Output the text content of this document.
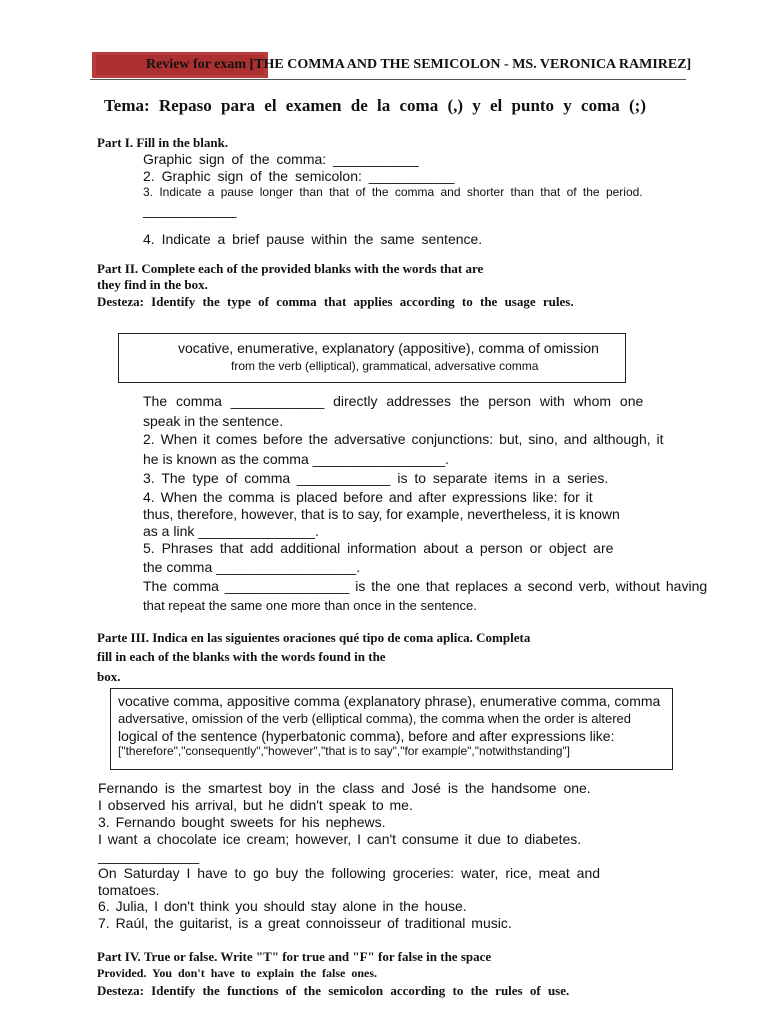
Review for exam [THE COMMA AND THE SEMICOLON - MS. VERONICA RAMIREZ]
Tema: Repaso para el examen de la coma (,) y el punto y coma (;)
Part I. Fill in the blank.
Graphic sign of the comma: ___________
2. Graphic sign of the semicolon: ___________
3. Indicate a pause longer than that of the comma and shorter than that of the period.
____________
4. Indicate a brief pause within the same sentence.
Part II. Complete each of the provided blanks with the words that are
they find in the box.
Desteza: Identify the type of comma that applies according to the usage rules.
vocative, enumerative, explanatory (appositive), comma of omission
from the verb (elliptical), grammatical, adversative comma
The comma ____________ directly addresses the person with whom one
speak in the sentence.
2. When it comes before the adversative conjunctions: but, sino, and although, it
he is known as the comma _________________.
3. The type of comma ____________ is to separate items in a series.
4. When the comma is placed before and after expressions like: for it
thus, therefore, however, that is to say, for example, nevertheless, it is known
as a link _______________.
5. Phrases that add additional information about a person or object are
the comma __________________.
The comma ________________ is the one that replaces a second verb, without having
that repeat the same one more than once in the sentence.
Parte III. Indica en las siguientes oraciones qué tipo de coma aplica. Completa
fill in each of the blanks with the words found in the
box.
vocative comma, appositive comma (explanatory phrase), enumerative comma, comma
adversative, omission of the verb (elliptical comma), the comma when the order is altered
logical of the sentence (hyperbatonic comma), before and after expressions like:
["therefore","consequently","however","that is to say","for example","notwithstanding"]
Fernando is the smartest boy in the class and José is the handsome one.
I observed his arrival, but he didn't speak to me.
3. Fernando bought sweets for his nephews.
I want a chocolate ice cream; however, I can't consume it due to diabetes.
_____________
On Saturday I have to go buy the following groceries: water, rice, meat and
tomatoes.
6. Julia, I don't think you should stay alone in the house.
7. Raúl, the guitarist, is a great connoisseur of traditional music.
Part IV. True or false. Write "T" for true and "F" for false in the space
Provided. You don't have to explain the false ones.
Desteza: Identify the functions of the semicolon according to the rules of use.
